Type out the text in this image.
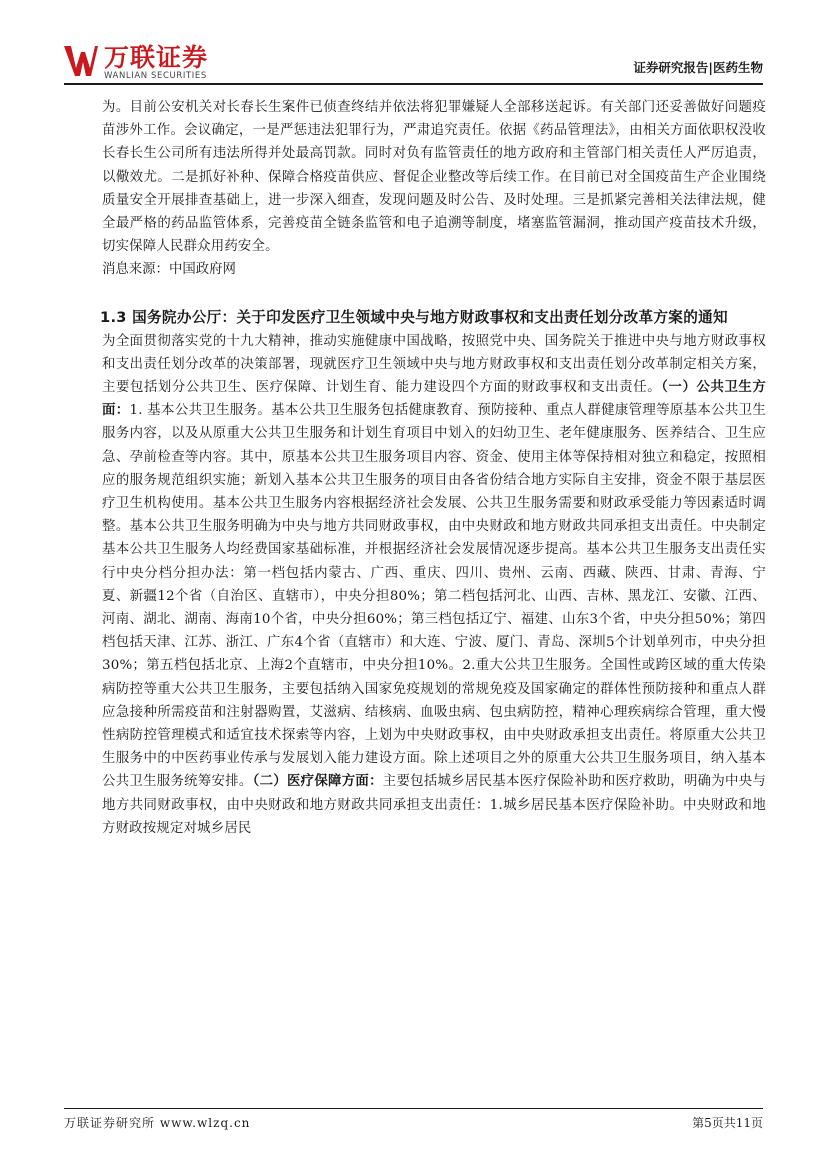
万联证券
WANLIAN SECURITIES
证券研究报告|医药生物

为。目前公安机关对长春长生案件已侦查终结并依法将犯罪嫌疑人全部移送起诉。有关部门还妥善做好问题疫苗涉外工作。会议确定，一是严惩违法犯罪行为，严肃追究责任。依据《药品管理法》，由相关方面依职权没收长春长生公司所有违法所得并处最高罚款。同时对负有监管责任的地方政府和主管部门相关责任人严厉追责，以儆效尤。二是抓好补种、保障合格疫苗供应、督促企业整改等后续工作。在目前已对全国疫苗生产企业围绕质量安全开展排查基础上，进一步深入细查，发现问题及时公告、及时处理。三是抓紧完善相关法律法规，健全最严格的药品监管体系，完善疫苗全链条监管和电子追溯等制度，堵塞监管漏洞，推动国产疫苗技术升级，切实保障人民群众用药安全。

消息来源：中国政府网

1.3 国务院办公厅：关于印发医疗卫生领域中央与地方财政事权和支出责任划分改革方案的通知

为全面贯彻落实党的十九大精神，推动实施健康中国战略，按照党中央、国务院关于推进中央与地方财政事权和支出责任划分改革的决策部署，现就医疗卫生领域中央与地方财政事权和支出责任划分改革制定相关方案，主要包括划分公共卫生、医疗保障、计划生育、能力建设四个方面的财政事权和支出责任。（一）公共卫生方面：1. 基本公共卫生服务。基本公共卫生服务包括健康教育、预防接种、重点人群健康管理等原基本公共卫生服务内容，以及从原重大公共卫生服务和计划生育项目中划入的妇幼卫生、老年健康服务、医养结合、卫生应急、孕前检查等内容。其中，原基本公共卫生服务项目内容、资金、使用主体等保持相对独立和稳定，按照相应的服务规范组织实施；新划入基本公共卫生服务的项目由各省份结合地方实际自主安排，资金不限于基层医疗卫生机构使用。基本公共卫生服务内容根据经济社会发展、公共卫生服务需要和财政承受能力等因素适时调整。基本公共卫生服务明确为中央与地方共同财政事权，由中央财政和地方财政共同承担支出责任。中央制定基本公共卫生服务人均经费国家基础标准，并根据经济社会发展情况逐步提高。基本公共卫生服务支出责任实行中央分档分担办法：第一档包括内蒙古、广西、重庆、四川、贵州、云南、西藏、陕西、甘肃、青海、宁夏、新疆12个省（自治区、直辖市），中央分担80%；第二档包括河北、山西、吉林、黑龙江、安徽、江西、河南、湖北、湖南、海南10个省，中央分担60%；第三档包括辽宁、福建、山东3个省，中央分担50%；第四档包括天津、江苏、浙江、广东4个省（直辖市）和大连、宁波、厦门、青岛、深圳5个计划单列市，中央分担30%；第五档包括北京、上海2个直辖市，中央分担10%。2.重大公共卫生服务。全国性或跨区域的重大传染病防控等重大公共卫生服务，主要包括纳入国家免疫规划的常规免疫及国家确定的群体性预防接种和重点人群应急接种所需疫苗和注射器购置，艾滋病、结核病、血吸虫病、包虫病防控，精神心理疾病综合管理，重大慢性病防控管理模式和适宜技术探索等内容，上划为中央财政事权，由中央财政承担支出责任。将原重大公共卫生服务中的中医药事业传承与发展划入能力建设方面。除上述项目之外的原重大公共卫生服务项目，纳入基本公共卫生服务统筹安排。（二）医疗保障方面：主要包括城乡居民基本医疗保险补助和医疗救助，明确为中央与地方共同财政事权，由中央财政和地方财政共同承担支出责任：1.城乡居民基本医疗保险补助。中央财政和地方财政按规定对城乡居民

万联证券研究所 www.wlzq.cn	第5页共11页
